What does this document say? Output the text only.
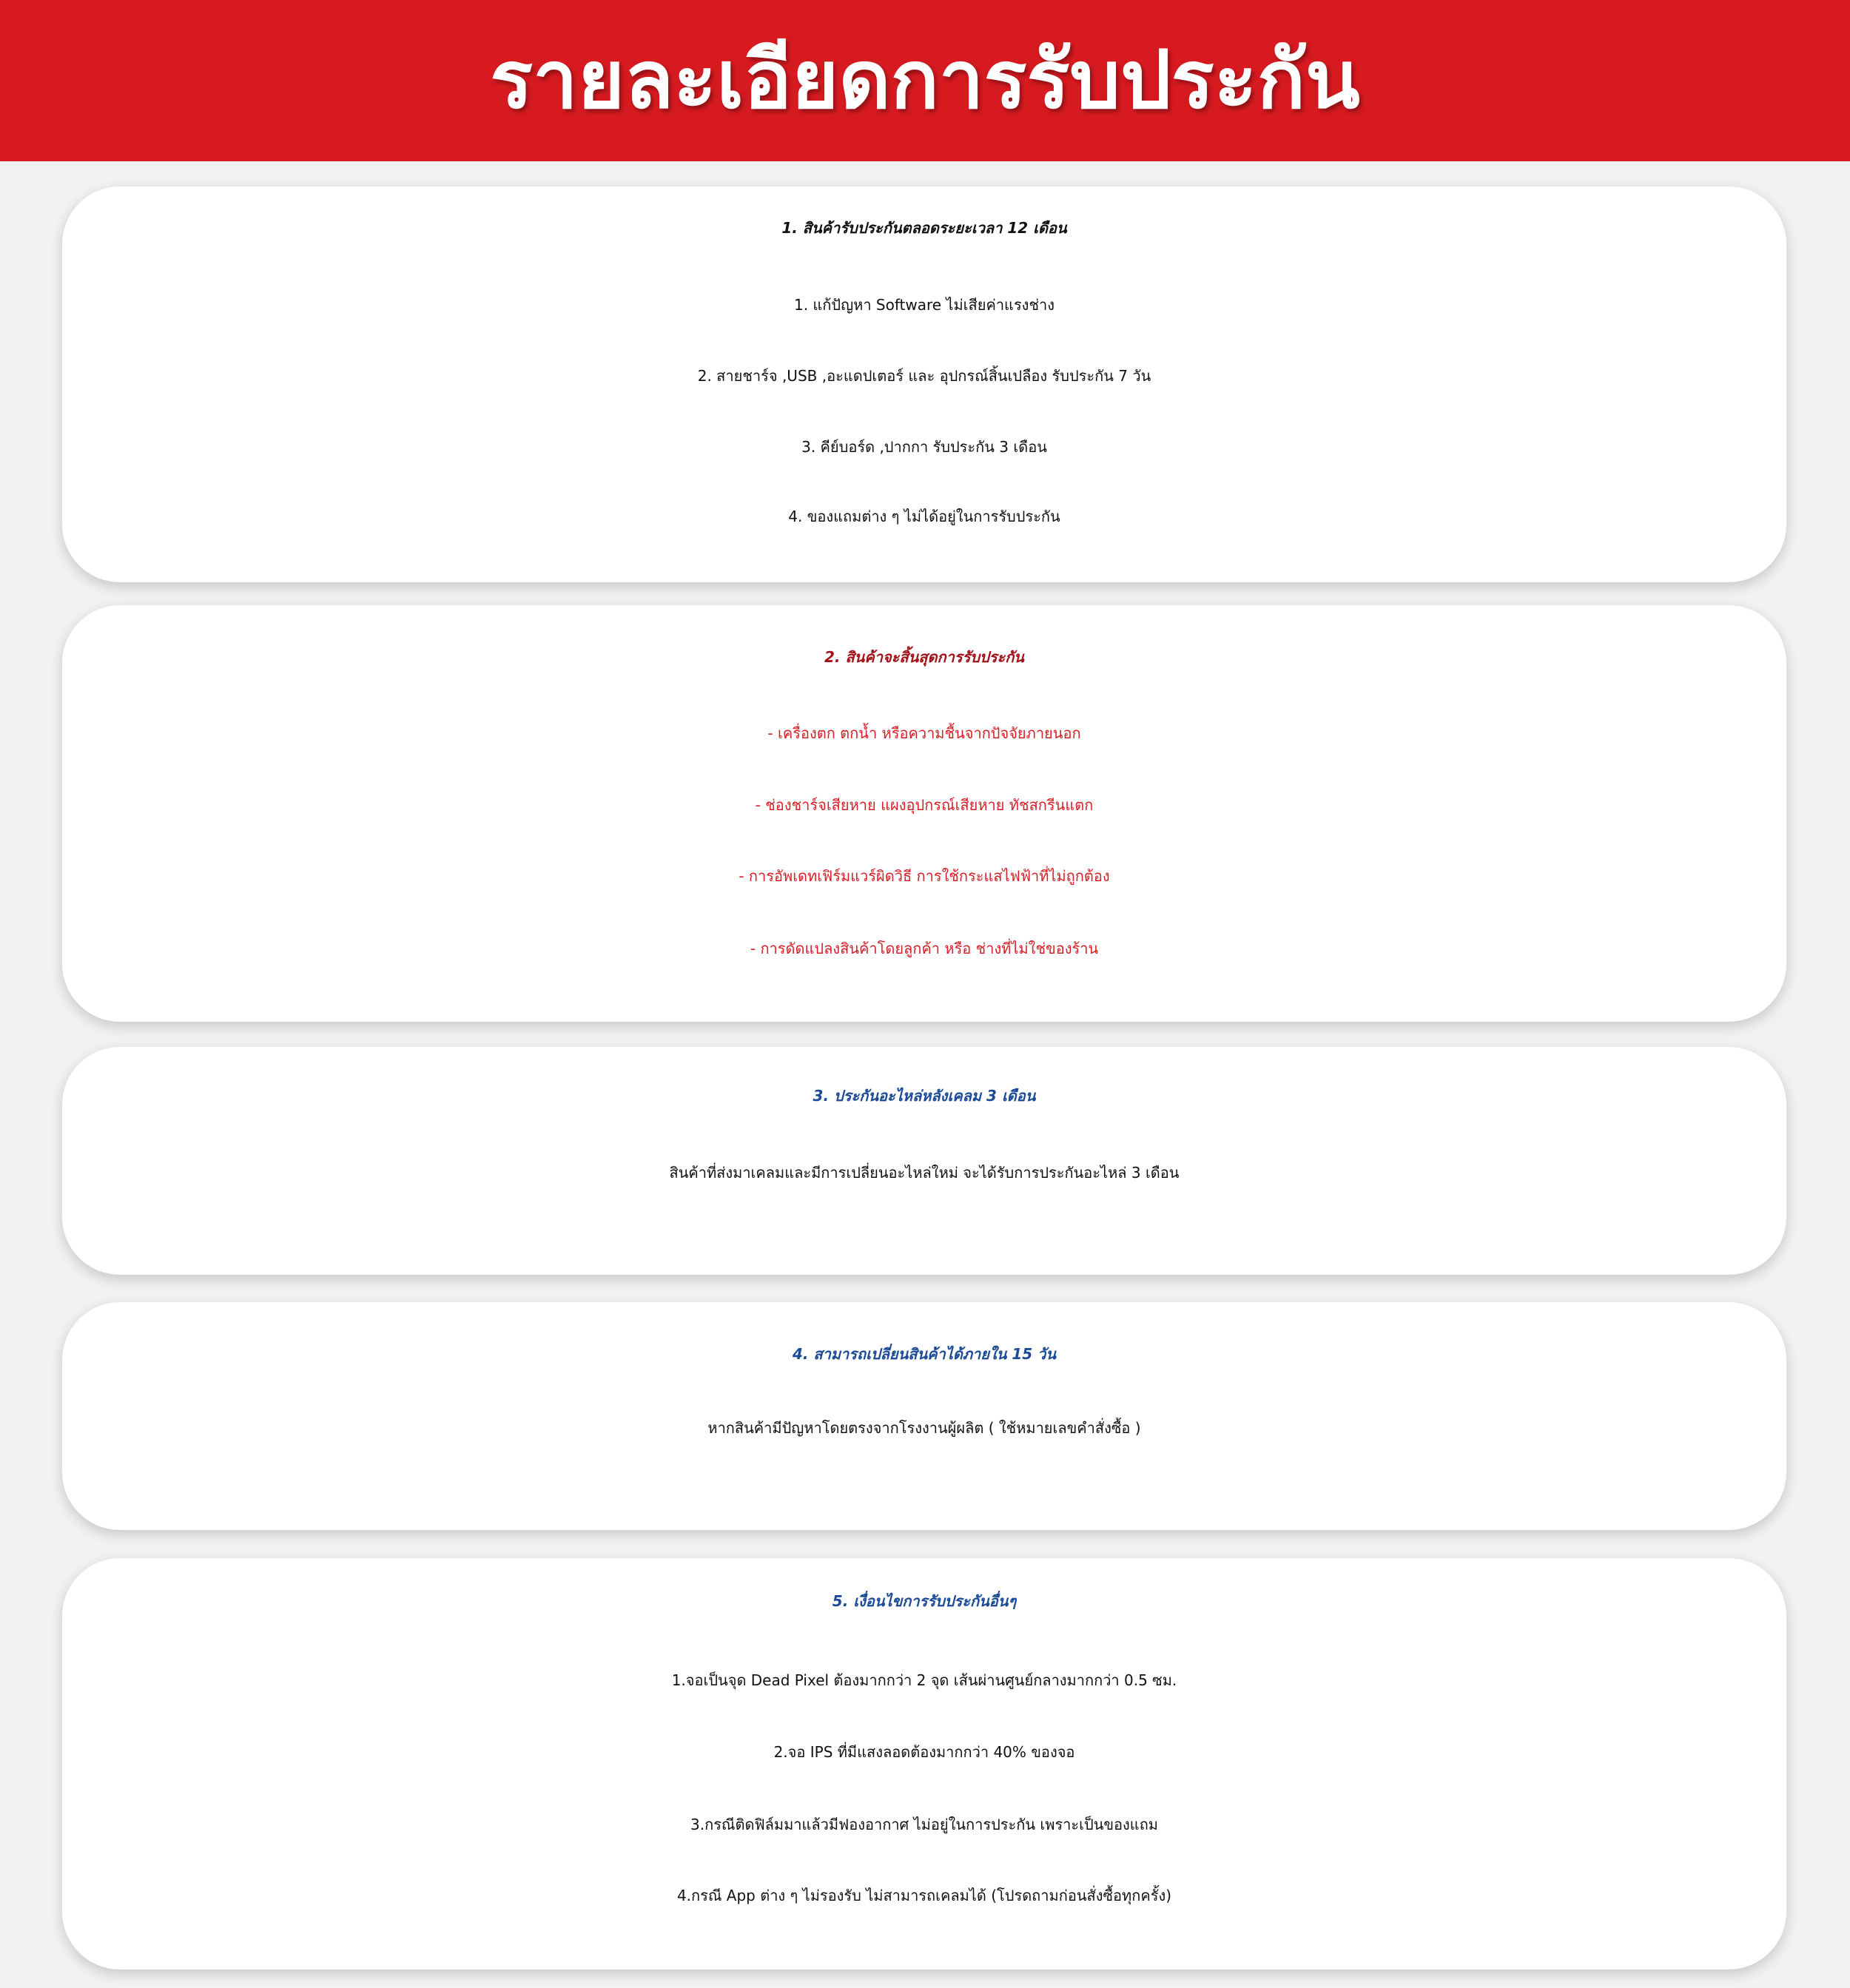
รายละเอียดการรับประกัน
1. สินค้ารับประกันตลอดระยะเวลา 12 เดือน
1. แก้ปัญหา Software ไม่เสียค่าแรงช่าง
2. สายชาร์จ ,USB ,อะแดปเตอร์ และ อุปกรณ์สิ้นเปลือง รับประกัน 7 วัน
3. คีย์บอร์ด ,ปากกา รับประกัน 3 เดือน
4. ของแถมต่าง ๆ ไม่ได้อยู่ในการรับประกัน
2. สินค้าจะสิ้นสุดการรับประกัน
- เครื่องตก ตกน้ำ หรือความชื้นจากปัจจัยภายนอก
- ช่องชาร์จเสียหาย แผงอุปกรณ์เสียหาย ทัชสกรีนแตก
- การอัพเดทเฟิร์มแวร์ผิดวิธี การใช้กระแสไฟฟ้าที่ไม่ถูกต้อง
- การดัดแปลงสินค้าโดยลูกค้า หรือ ช่างที่ไม่ใช่ของร้าน
3. ประกันอะไหล่หลังเคลม 3 เดือน
สินค้าที่ส่งมาเคลมและมีการเปลี่ยนอะไหล่ใหม่ จะได้รับการประกันอะไหล่ 3 เดือน
4. สามารถเปลี่ยนสินค้าได้ภายใน 15 วัน
หากสินค้ามีปัญหาโดยตรงจากโรงงานผู้ผลิต ( ใช้หมายเลขคำสั่งซื้อ )
5. เงื่อนไขการรับประกันอื่นๆ
1.จอเป็นจุด Dead Pixel ต้องมากกว่า 2 จุด เส้นผ่านศูนย์กลางมากกว่า 0.5 ซม.
2.จอ IPS ที่มีแสงลอดต้องมากกว่า 40% ของจอ
3.กรณีติดฟิล์มมาแล้วมีฟองอากาศ ไม่อยู่ในการประกัน เพราะเป็นของแถม
4.กรณี App ต่าง ๆ ไม่รองรับ ไม่สามารถเคลมได้ (โปรดถามก่อนสั่งซื้อทุกครั้ง)
